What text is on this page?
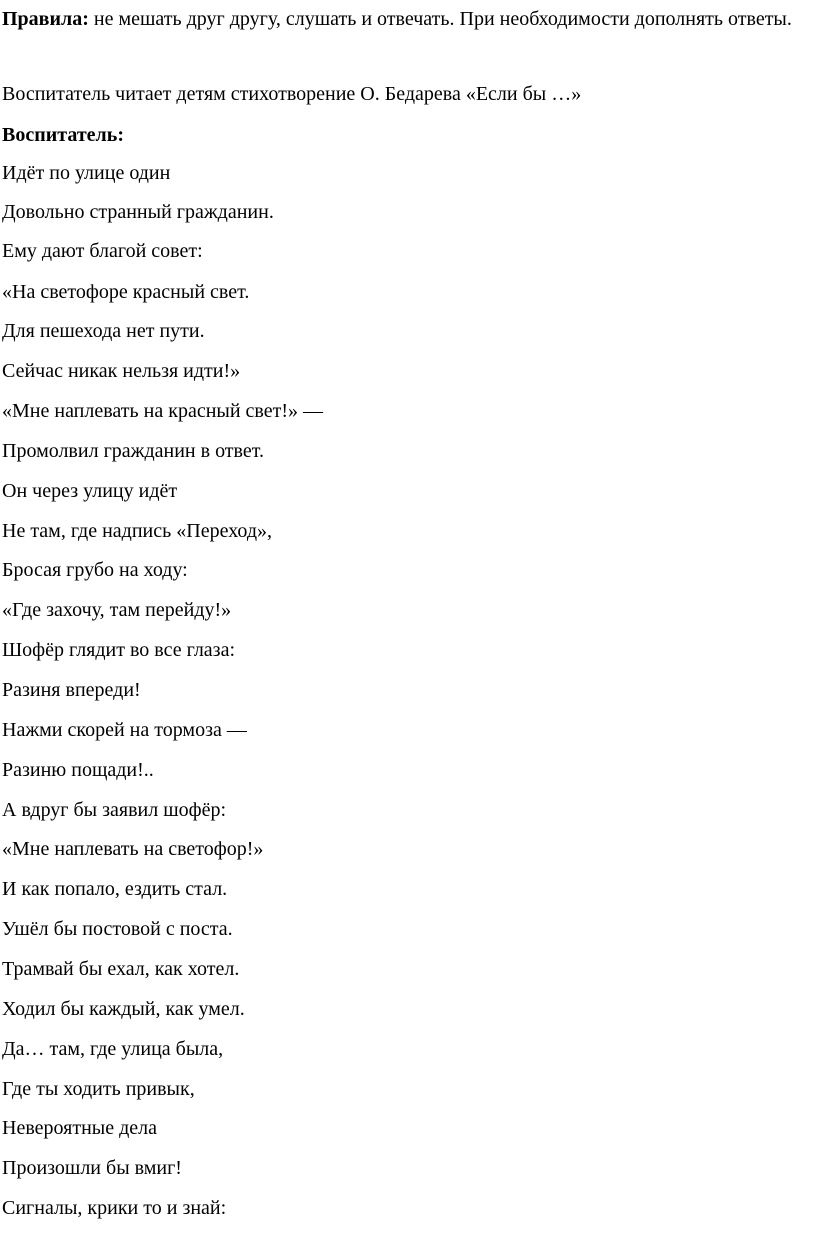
Правила: не мешать друг другу, слушать и отвечать. При необходимости дополнять ответы.
Воспитатель читает детям стихотворение О. Бедарева «Если бы …»
Воспитатель:
Идёт по улице один
Довольно странный гражданин.
Ему дают благой совет:
«На светофоре красный свет.
Для пешехода нет пути.
Сейчас никак нельзя идти!»
«Мне наплевать на красный свет!» —
Промолвил гражданин в ответ.
Он через улицу идёт
Не там, где надпись «Переход»,
Бросая грубо на ходу:
«Где захочу, там перейду!»
Шофёр глядит во все глаза:
Разиня впереди!
Нажми скорей на тормоза —
Разиню пощади!..
А вдруг бы заявил шофёр:
«Мне наплевать на светофор!»
И как попало, ездить стал.
Ушёл бы постовой с поста.
Трамвай бы ехал, как хотел.
Ходил бы каждый, как умел.
Да… там, где улица была,
Где ты ходить привык,
Невероятные дела
Произошли бы вмиг!
Сигналы, крики то и знай:
